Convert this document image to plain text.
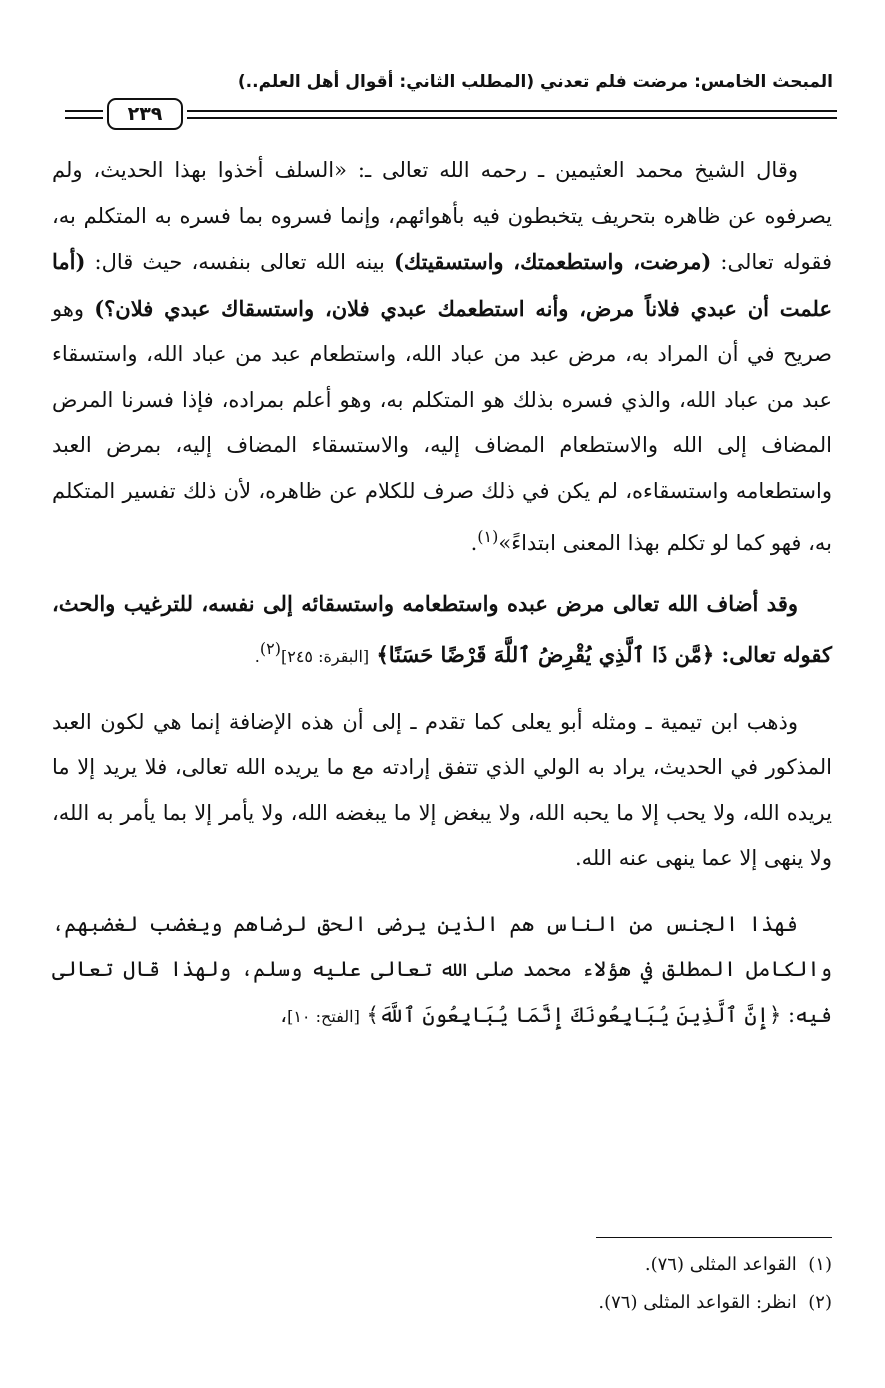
المبحث الخامس: مرضت فلم تعدني (المطلب الثاني: أقوال أهل العلم..)
٢٣٩

وقال الشيخ محمد العثيمين ـ رحمه الله تعالى ـ: «السلف أخذوا بهذا الحديث، ولم يصرفوه عن ظاهره بتحريف يتخبطون فيه بأهوائهم، وإنما فسروه بما فسره به المتكلم به، فقوله تعالى: (مرضت، واستطعمتك، واستسقيتك) بينه الله تعالى بنفسه، حيث قال: (أما علمت أن عبدي فلاناً مرض، وأنه استطعمك عبدي فلان، واستسقاك عبدي فلان؟) وهو صريح في أن المراد به، مرض عبد من عباد الله، واستطعام عبد من عباد الله، واستسقاء عبد من عباد الله، والذي فسره بذلك هو المتكلم به، وهو أعلم بمراده، فإذا فسرنا المرض المضاف إلى الله والاستطعام المضاف إليه، والاستسقاء المضاف إليه، بمرض العبد واستطعامه واستسقاءه، لم يكن في ذلك صرف للكلام عن ظاهره، لأن ذلك تفسير المتكلم به، فهو كما لو تكلم بهذا المعنى ابتداءً»$^{(١)}$.

وقد أضاف الله تعالى مرض عبده واستطعامه واستسقائه إلى نفسه، للترغيب والحث، كقوله تعالى: ﴿مَّن ذَا ٱلَّذِي يُقْرِضُ ٱللَّهَ قَرْضًا حَسَنًا﴾ [البقرة: ٢٤٥]$^{(٢)}$.

وذهب ابن تيمية ـ ومثله أبو يعلى كما تقدم ـ إلى أن هذه الإضافة إنما هي لكون العبد المذكور في الحديث، يراد به الولي الذي تتفق إرادته مع ما يريده الله تعالى، فلا يريد إلا ما يريده الله، ولا يحب إلا ما يحبه الله، ولا يبغض إلا ما يبغضه الله، ولا يأمر إلا بما يأمر به الله، ولا ينهى إلا عما ينهى عنه الله.

فهذا الجنس من الناس هم الذين يرضى الحق لرضاهم ويغضب لغضبهم، والكامل المطلق في هؤلاء محمد صلى الله تعالى عليه وسلم، ولهذا قال تعالى فيه: ﴿إِنَّ ٱلَّذِينَ يُبَايِعُونَكَ إِنَّمَا يُبَايِعُونَ ٱللَّهَ﴾ [الفتح: ١٠]،

(١)  القواعد المثلى (٧٦).
(٢)  انظر: القواعد المثلى (٧٦).
